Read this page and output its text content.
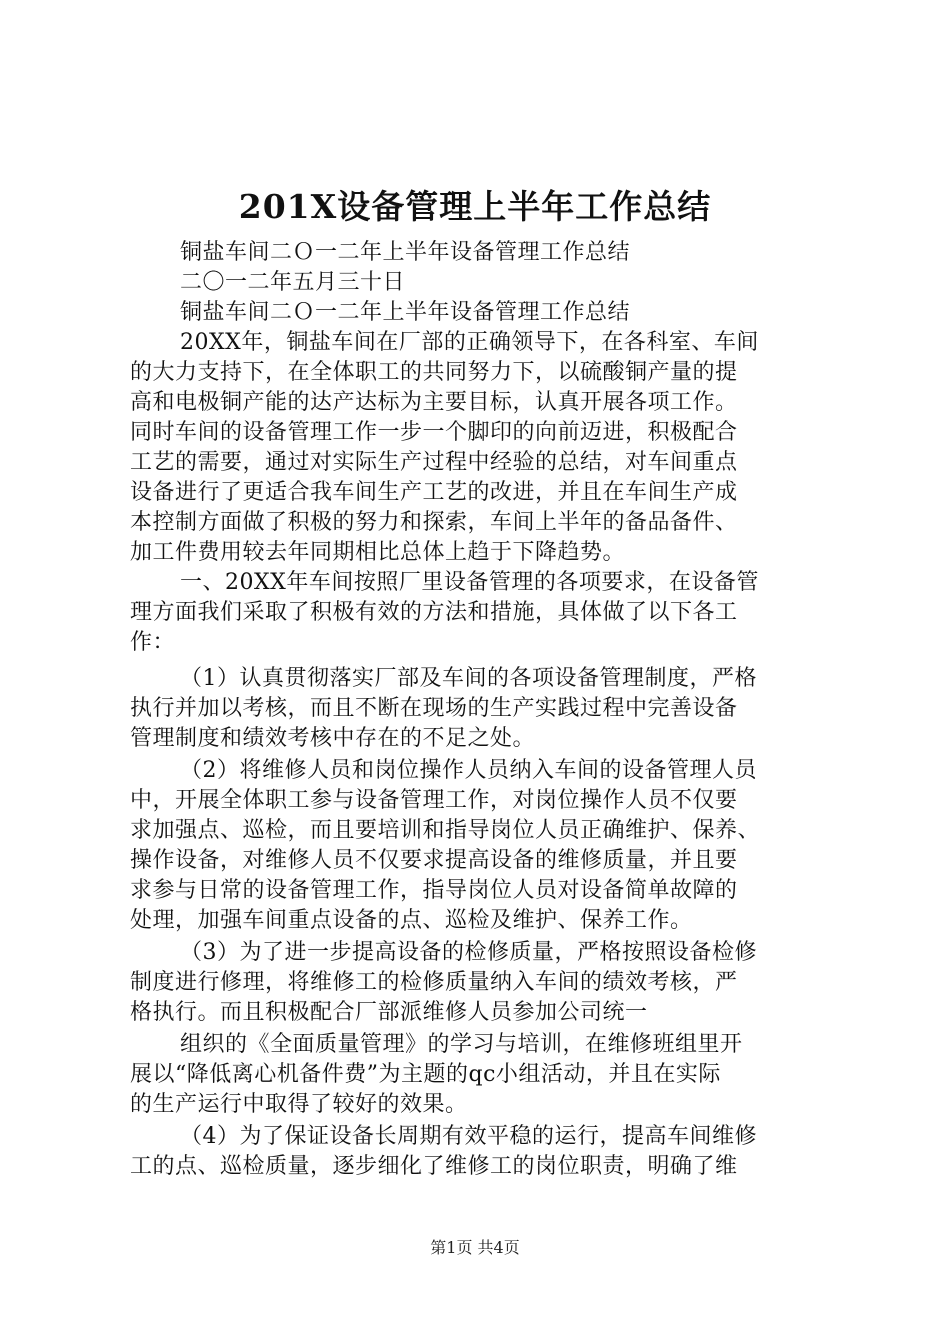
201X设备管理上半年工作总结
铜盐车间二Ｏ一二年上半年设备管理工作总结
二〇一二年五月三十日
铜盐车间二Ｏ一二年上半年设备管理工作总结
20XX年，铜盐车间在厂部的正确领导下，在各科室、车间
的大力支持下，在全体职工的共同努力下，以硫酸铜产量的提
高和电极铜产能的达产达标为主要目标，认真开展各项工作。
同时车间的设备管理工作一步一个脚印的向前迈进，积极配合
工艺的需要，通过对实际生产过程中经验的总结，对车间重点
设备进行了更适合我车间生产工艺的改进，并且在车间生产成
本控制方面做了积极的努力和探索，车间上半年的备品备件、
加工件费用较去年同期相比总体上趋于下降趋势。
一、20XX年车间按照厂里设备管理的各项要求，在设备管
理方面我们采取了积极有效的方法和措施，具体做了以下各工
作：
（1）认真贯彻落实厂部及车间的各项设备管理制度，严格
执行并加以考核，而且不断在现场的生产实践过程中完善设备
管理制度和绩效考核中存在的不足之处。
（2）将维修人员和岗位操作人员纳入车间的设备管理人员
中，开展全体职工参与设备管理工作，对岗位操作人员不仅要
求加强点、巡检，而且要培训和指导岗位人员正确维护、保养、
操作设备，对维修人员不仅要求提高设备的维修质量，并且要
求参与日常的设备管理工作，指导岗位人员对设备简单故障的
处理，加强车间重点设备的点、巡检及维护、保养工作。
（3）为了进一步提高设备的检修质量，严格按照设备检修
制度进行修理，将维修工的检修质量纳入车间的绩效考核，严
格执行。而且积极配合厂部派维修人员参加公司统一
组织的《全面质量管理》的学习与培训，在维修班组里开
展以“降低离心机备件费”为主题的qc小组活动，并且在实际
的生产运行中取得了较好的效果。
（4）为了保证设备长周期有效平稳的运行，提高车间维修
工的点、巡检质量，逐步细化了维修工的岗位职责，明确了维
第1页 共4页
